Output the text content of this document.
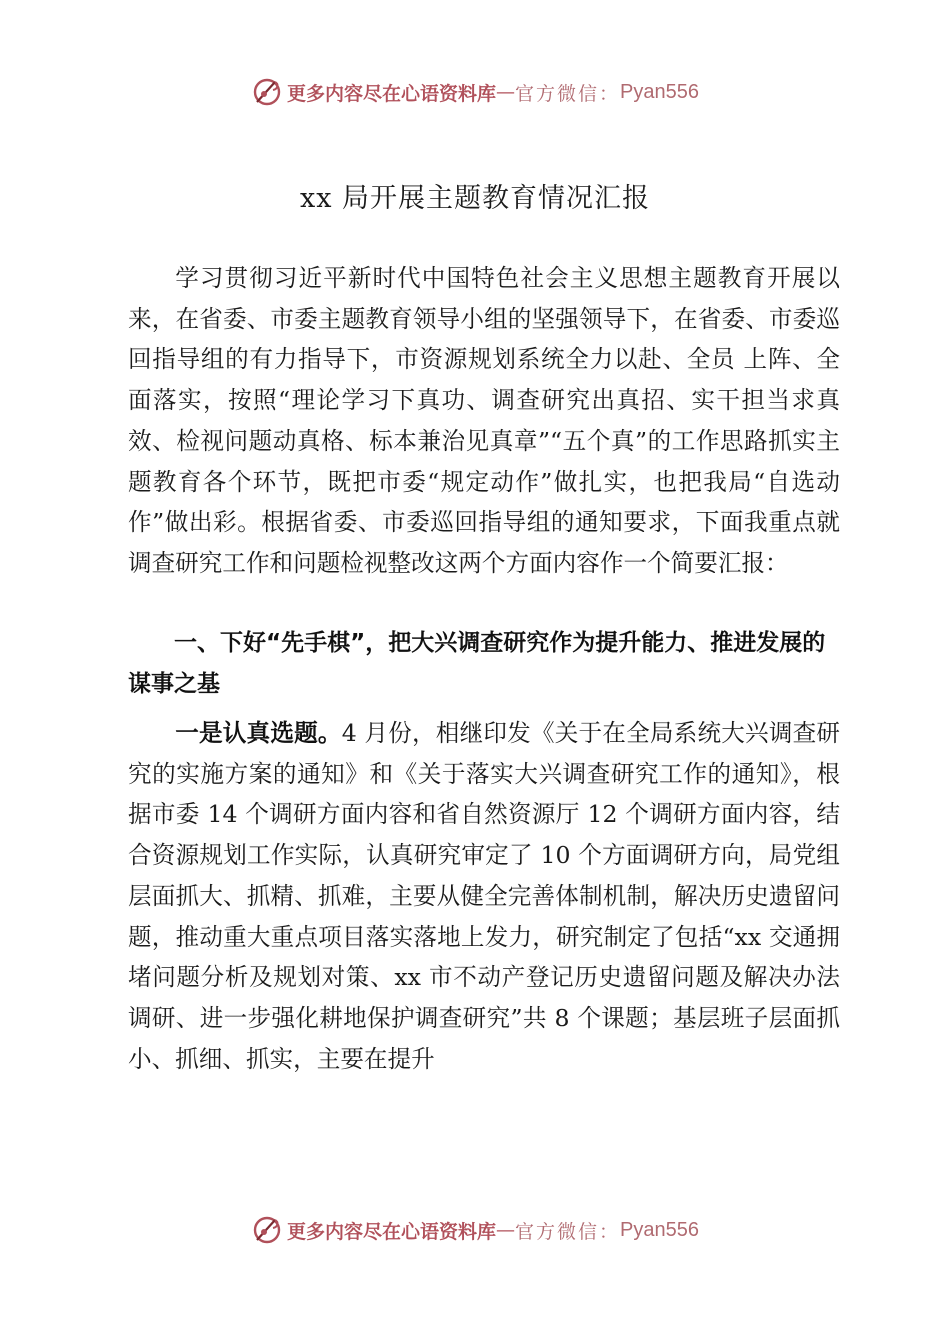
更多内容尽在心语资料库 — 官方微信： Pyan556
xx 局开展主题教育情况汇报

学习贯彻习近平新时代中国特色社会主义思想主题教育开展以来，在省委、市委主题教育领导小组的坚强领导下，在省委、市委巡回指导组的有力指导下，市资源规划系统全力以赴、全员 上阵、全面落实，按照“理论学习下真功、调查研究出真招、实干担当求真效、检视问题动真格、标本兼治见真章”“五个真”的工作思路抓实主题教育各个环节，既把市委“规定动作”做扎实，也把我局“自选动作”做出彩。根据省委、市委巡回指导组的通知要求，下面我重点就调查研究工作和问题检视整改这两个方面内容作一个简要汇报：

一、下好“先手棋”，把大兴调查研究作为提升能力、推进发展的谋事之基

一是认真选题。4 月份，相继印发《关于在全局系统大兴调查研究的实施方案的通知》和《关于落实大兴调查研究工作的通知》，根据市委 14 个调研方面内容和省自然资源厅 12 个调研方面内容，结合资源规划工作实际，认真研究审定了 10 个方面调研方向，局党组层面抓大、抓精、抓难，主要从健全完善体制机制，解决历史遗留问题，推动重大重点项目落实落地上发力，研究制定了包括“xx 交通拥堵问题分析及规划对策、xx 市不动产登记历史遗留问题及解决办法调研、进一步强化耕地保护调查研究”共 8 个课题；基层班子层面抓小、抓细、抓实，主要在提升

更多内容尽在心语资料库 — 官方微信： Pyan556
